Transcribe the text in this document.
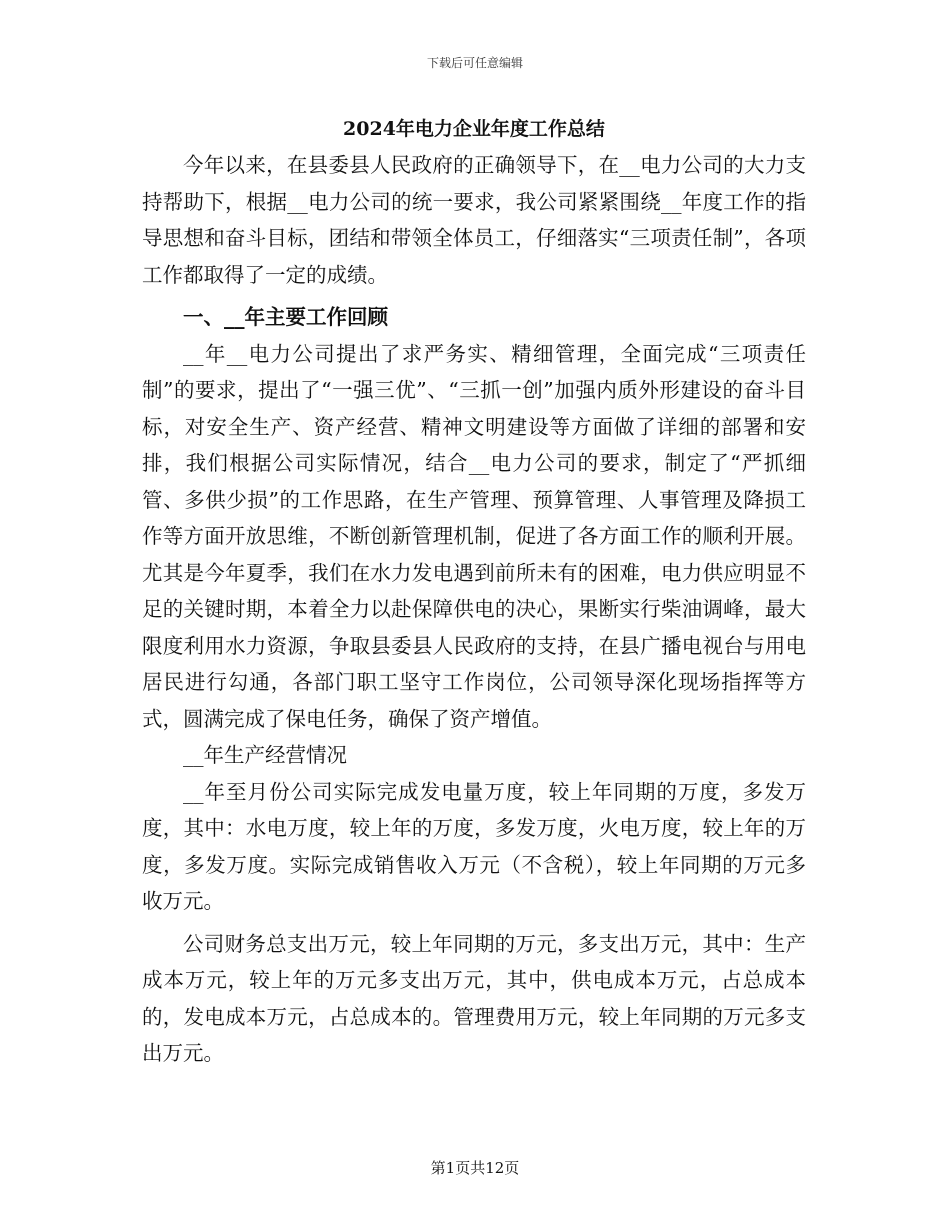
下载后可任意编辑
2024年电力企业年度工作总结

今年以来，在县委县人民政府的正确领导下，在__电力公司的大力支持帮助下，根据__电力公司的统一要求，我公司紧紧围绕__年度工作的指导思想和奋斗目标，团结和带领全体员工，仔细落实“三项责任制”，各项工作都取得了一定的成绩。

一、__年主要工作回顾

__年__电力公司提出了求严务实、精细管理，全面完成“三项责任制”的要求，提出了“一强三优”、“三抓一创”加强内质外形建设的奋斗目标，对安全生产、资产经营、精神文明建设等方面做了详细的部署和安排，我们根据公司实际情况，结合__电力公司的要求，制定了“严抓细管、多供少损”的工作思路，在生产管理、预算管理、人事管理及降损工作等方面开放思维，不断创新管理机制，促进了各方面工作的顺利开展。尤其是今年夏季，我们在水力发电遇到前所未有的困难，电力供应明显不足的关键时期，本着全力以赴保障供电的决心，果断实行柴油调峰，最大限度利用水力资源，争取县委县人民政府的支持，在县广播电视台与用电居民进行勾通，各部门职工坚守工作岗位，公司领导深化现场指挥等方式，圆满完成了保电任务，确保了资产增值。

__年生产经营情况

__年至月份公司实际完成发电量万度，较上年同期的万度，多发万度，其中：水电万度，较上年的万度，多发万度，火电万度，较上年的万度，多发万度。实际完成销售收入万元（不含税），较上年同期的万元多收万元。

公司财务总支出万元，较上年同期的万元，多支出万元，其中：生产成本万元，较上年的万元多支出万元，其中，供电成本万元，占总成本的，发电成本万元，占总成本的。管理费用万元，较上年同期的万元多支出万元。

第1页共12页
